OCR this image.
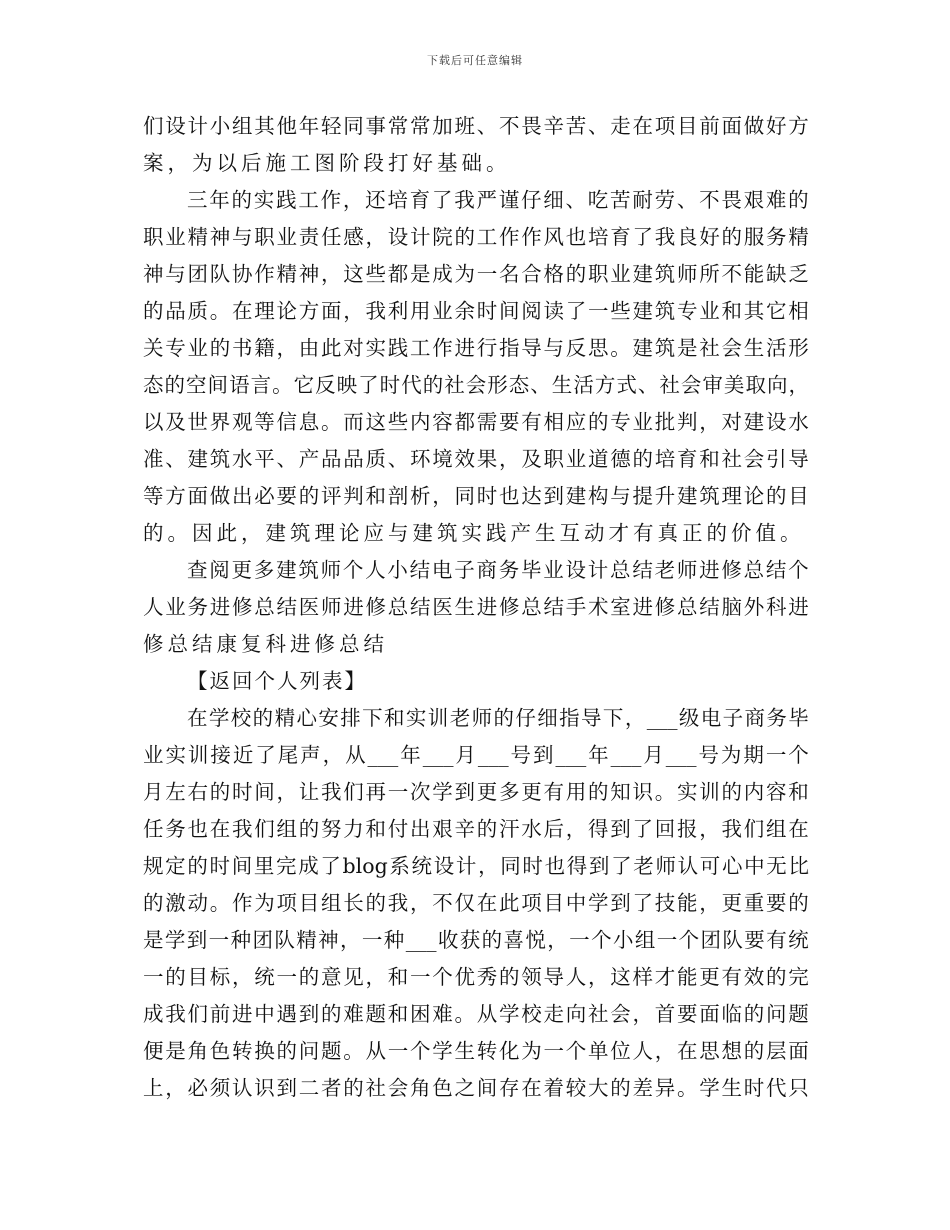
下载后可任意编辑
们 设 计 小 组 其 他 年 轻 同 事 常 常 加 班 、 不 畏 辛 苦 、 走 在 项 目 前 面 做 好 方
案，为以后施工图阶段打好基础。
三 年 的 实 践 工 作 ， 还 培 育 了 我 严 谨 仔 细 、 吃 苦 耐 劳 、 不 畏 艰 难 的
职 业 精 神 与 职 业 责 任 感 ， 设 计 院 的 工 作 作 风 也 培 育 了 我 良 好 的 服 务 精
神 与 团 队 协 作 精 神 ， 这 些 都 是 成 为 一 名 合 格 的 职 业 建 筑 师 所 不 能 缺 乏
的 品 质 。 在 理 论 方 面 ， 我 利 用 业 余 时 间 阅 读 了 一 些 建 筑 专 业 和 其 它 相
关 专 业 的 书 籍 ， 由 此 对 实 践 工 作 进 行 指 导 与 反 思 。 建 筑 是 社 会 生 活 形
态 的 空 间 语 言 。 它 反 映 了 时 代 的 社 会 形 态 、 生 活 方 式 、 社 会 审 美 取 向 ，
以 及 世 界 观 等 信 息 。 而 这 些 内 容 都 需 要 有 相 应 的 专 业 批 判 ， 对 建 设 水
准 、 建 筑 水 平 、 产 品 品 质 、 环 境 效 果 ， 及 职 业 道 德 的 培 育 和 社 会 引 导
等 方 面 做 出 必 要 的 评 判 和 剖 析 ， 同 时 也 达 到 建 构 与 提 升 建 筑 理 论 的 目
的。因此，建筑理论应与建筑实践产生互动才有真正的价值。
查 阅 更 多 建 筑 师 个 人 小 结 电 子 商 务 毕 业 设 计 总 结 老 师 进 修 总 结 个
人 业 务 进 修 总 结 医 师 进 修 总 结 医 生 进 修 总 结 手 术 室 进 修 总 结 脑 外 科 进
修总结康复科进修总结
【返回个人列表】
在 学 校 的 精 心 安 排 下 和 实 训 老 师 的 仔 细 指 导 下 ， ___ 级 电 子 商 务 毕
业 实 训 接 近 了 尾 声 ， 从 ___ 年 ___ 月 ___ 号 到 ___ 年 ___ 月 ___ 号 为 期 一 个
月 左 右 的 时 间 ， 让 我 们 再 一 次 学 到 更 多 更 有 用 的 知 识 。 实 训 的 内 容 和
任 务 也 在 我 们 组 的 努 力 和 付 出 艰 辛 的 汗 水 后 ， 得 到 了 回 报 ， 我 们 组 在
规 定 的 时 间 里 完 成 了 blog 系 统 设 计 ， 同 时 也 得 到 了 老 师 认 可 心 中 无 比
的 激 动 。 作 为 项 目 组 长 的 我 ， 不 仅 在 此 项 目 中 学 到 了 技 能 ， 更 重 要 的
是 学 到 一 种 团 队 精 神 ， 一 种 ___ 收 获 的 喜 悦 ， 一 个 小 组 一 个 团 队 要 有 统
一 的 目 标 ， 统 一 的 意 见 ， 和 一 个 优 秀 的 领 导 人 ， 这 样 才 能 更 有 效 的 完
成 我 们 前 进 中 遇 到 的 难 题 和 困 难 。 从 学 校 走 向 社 会 ， 首 要 面 临 的 问 题
便 是 角 色 转 换 的 问 题 。 从 一 个 学 生 转 化 为 一 个 单 位 人 ， 在 思 想 的 层 面
上 ， 必 须 认 识 到 二 者 的 社 会 角 色 之 间 存 在 着 较 大 的 差 异 。 学 生 时 代 只
